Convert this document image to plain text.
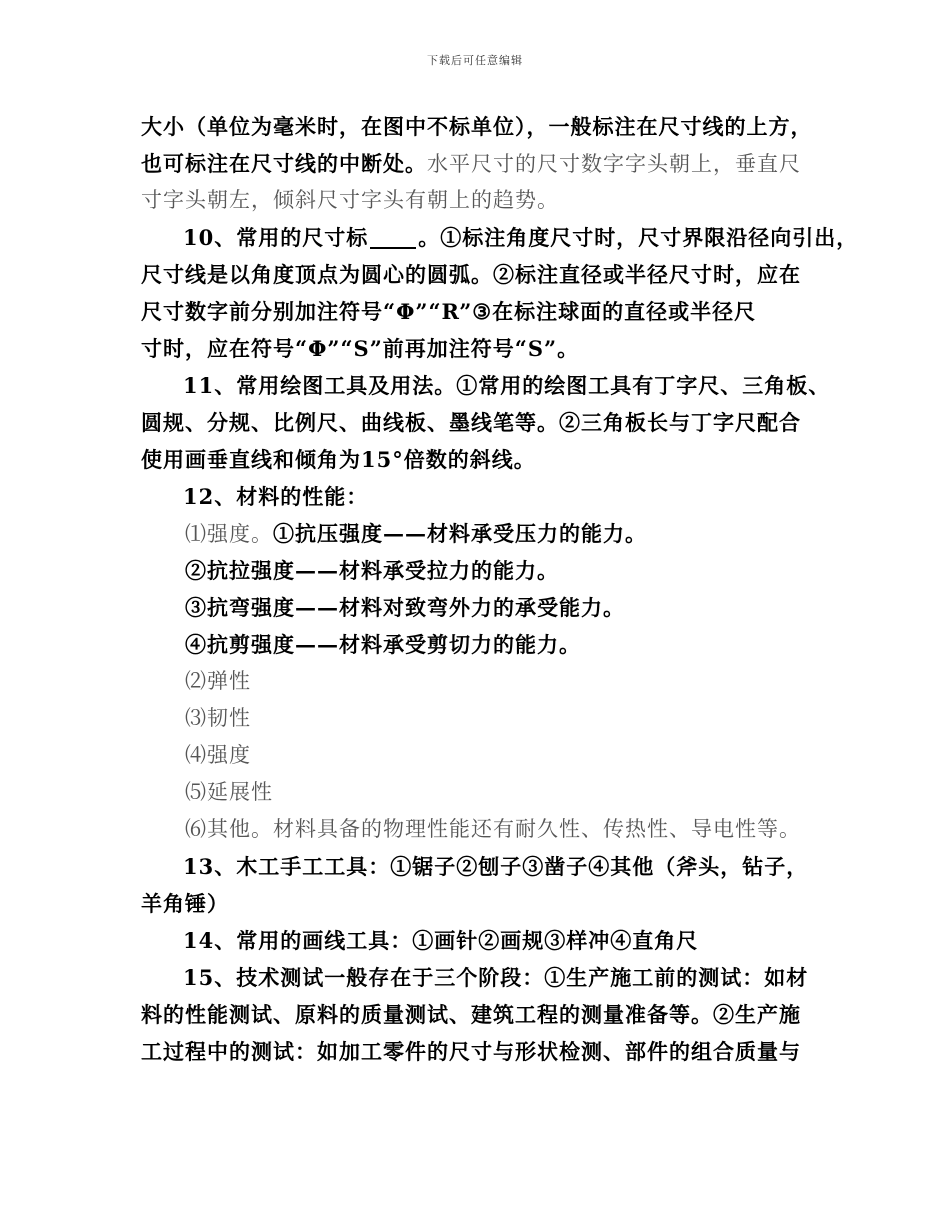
下载后可任意编辑
大小（单位为毫米时，在图中不标单位），一般标注在尺寸线的上方，
也可标注在尺寸线的中断处。水平尺寸的尺寸数字字头朝上，垂直尺
寸字头朝左，倾斜尺寸字头有朝上的趋势。
10、常用的尺寸标 。①标注角度尺寸时，尺寸界限沿径向引出，
尺寸线是以角度顶点为圆心的圆弧。②标注直径或半径尺寸时，应在
尺寸数字前分别加注符号“Φ”“R”③在标注球面的直径或半径尺
寸时，应在符号“Φ”“S”前再加注符号“S”。
11、常用绘图工具及用法。①常用的绘图工具有丁字尺、三角板、
圆规、分规、比例尺、曲线板、墨线笔等。②三角板长与丁字尺配合
使用画垂直线和倾角为15°倍数的斜线。
12、材料的性能：
⑴强度。①抗压强度——材料承受压力的能力。
②抗拉强度——材料承受拉力的能力。
③抗弯强度——材料对致弯外力的承受能力。
④抗剪强度——材料承受剪切力的能力。
⑵弹性
⑶韧性
⑷强度
⑸延展性
⑹其他。材料具备的物理性能还有耐久性、传热性、导电性等。
13、木工手工工具：①锯子②刨子③凿子④其他（斧头，钻子，
羊角锤）
14、常用的画线工具：①画针②画规③样冲④直角尺
15、技术测试一般存在于三个阶段：①生产施工前的测试：如材
料的性能测试、原料的质量测试、建筑工程的测量准备等。②生产施
工过程中的测试：如加工零件的尺寸与形状检测、部件的组合质量与
